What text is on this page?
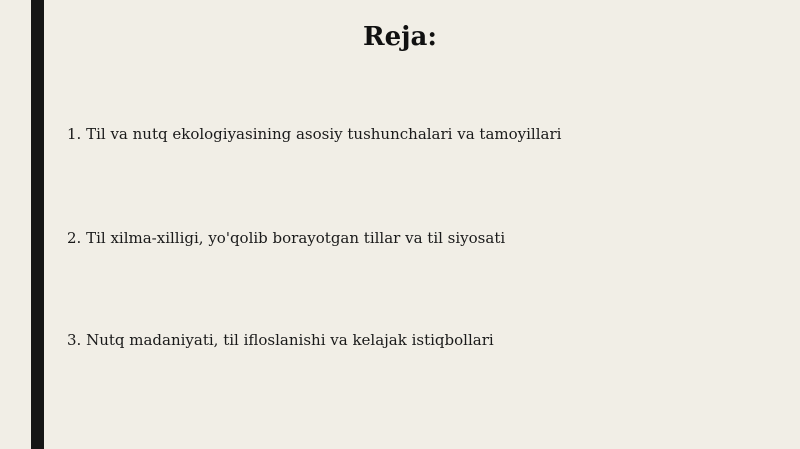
Reja:
1. Til va nutq ekologiyasining asosiy tushunchalari va tamoyillari
2. Til xilma-xilligi, yo'qolib borayotgan tillar va til siyosati
3. Nutq madaniyati, til ifloslanishi va kelajak istiqbollari
